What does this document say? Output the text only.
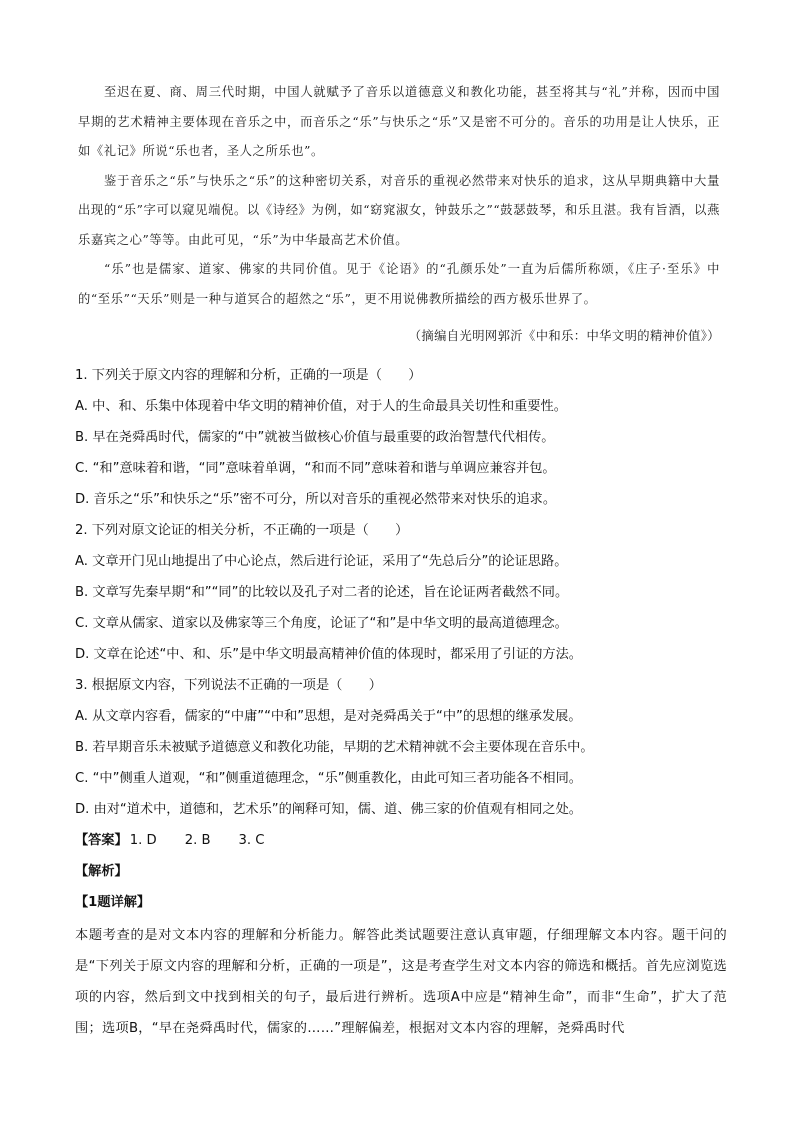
至迟在夏、商、周三代时期，中国人就赋予了音乐以道德意义和教化功能，甚至将其与“礼”并称，因而中国早期的艺术精神主要体现在音乐之中，而音乐之“乐”与快乐之“乐”又是密不可分的。音乐的功用是让人快乐，正如《礼记》所说“乐也者，圣人之所乐也”。

鉴于音乐之“乐”与快乐之“乐”的这种密切关系，对音乐的重视必然带来对快乐的追求，这从早期典籍中大量出现的“乐”字可以窥见端倪。以《诗经》为例，如“窈窕淑女，钟鼓乐之”“鼓瑟鼓琴，和乐且湛。我有旨酒，以燕乐嘉宾之心”等等。由此可见，“乐”为中华最高艺术价值。

“乐”也是儒家、道家、佛家的共同价值。见于《论语》的“孔颜乐处”一直为后儒所称颂，《庄子·至乐》中的“至乐”“天乐”则是一种与道冥合的超然之“乐”，更不用说佛教所描绘的西方极乐世界了。

（摘编自光明网郭沂《中和乐：中华文明的精神价值》）
1. 下列关于原文内容的理解和分析，正确的一项是（　　）
A. 中、和、乐集中体现着中华文明的精神价值，对于人的生命最具关切性和重要性。
B. 早在尧舜禹时代，儒家的“中”就被当做核心价值与最重要的政治智慧代代相传。
C. “和”意味着和谐，“同”意味着单调，“和而不同”意味着和谐与单调应兼容并包。
D. 音乐之“乐”和快乐之“乐”密不可分，所以对音乐的重视必然带来对快乐的追求。
2. 下列对原文论证的相关分析，不正确的一项是（　　）
A. 文章开门见山地提出了中心论点，然后进行论证，采用了“先总后分”的论证思路。
B. 文章写先秦早期“和”“同”的比较以及孔子对二者的论述，旨在论证两者截然不同。
C. 文章从儒家、道家以及佛家等三个角度，论证了“和”是中华文明的最高道德理念。
D. 文章在论述“中、和、乐”是中华文明最高精神价值的体现时，都采用了引证的方法。
3. 根据原文内容，下列说法不正确的一项是（　　）
A. 从文章内容看，儒家的“中庸”“中和”思想，是对尧舜禹关于“中”的思想的继承发展。
B. 若早期音乐未被赋予道德意义和教化功能，早期的艺术精神就不会主要体现在音乐中。
C. “中”侧重人道观，“和”侧重道德理念，“乐”侧重教化，由此可知三者功能各不相同。
D. 由对“道术中，道德和，艺术乐”的阐释可知，儒、道、佛三家的价值观有相同之处。
【答案】 1. D 2. B 3. C
【解析】
【1题详解】

本题考查的是对文本内容的理解和分析能力。解答此类试题要注意认真审题，仔细理解文本内容。题干问的是“下列关于原文内容的理解和分析，正确的一项是”，这是考查学生对文本内容的筛选和概括。首先应浏览选项的内容，然后到文中找到相关的句子，最后进行辨析。选项A中应是“精神生命”，而非“生命”，扩大了范围；选项B，“早在尧舜禹时代，儒家的……”理解偏差，根据对文本内容的理解，尧舜禹时代
